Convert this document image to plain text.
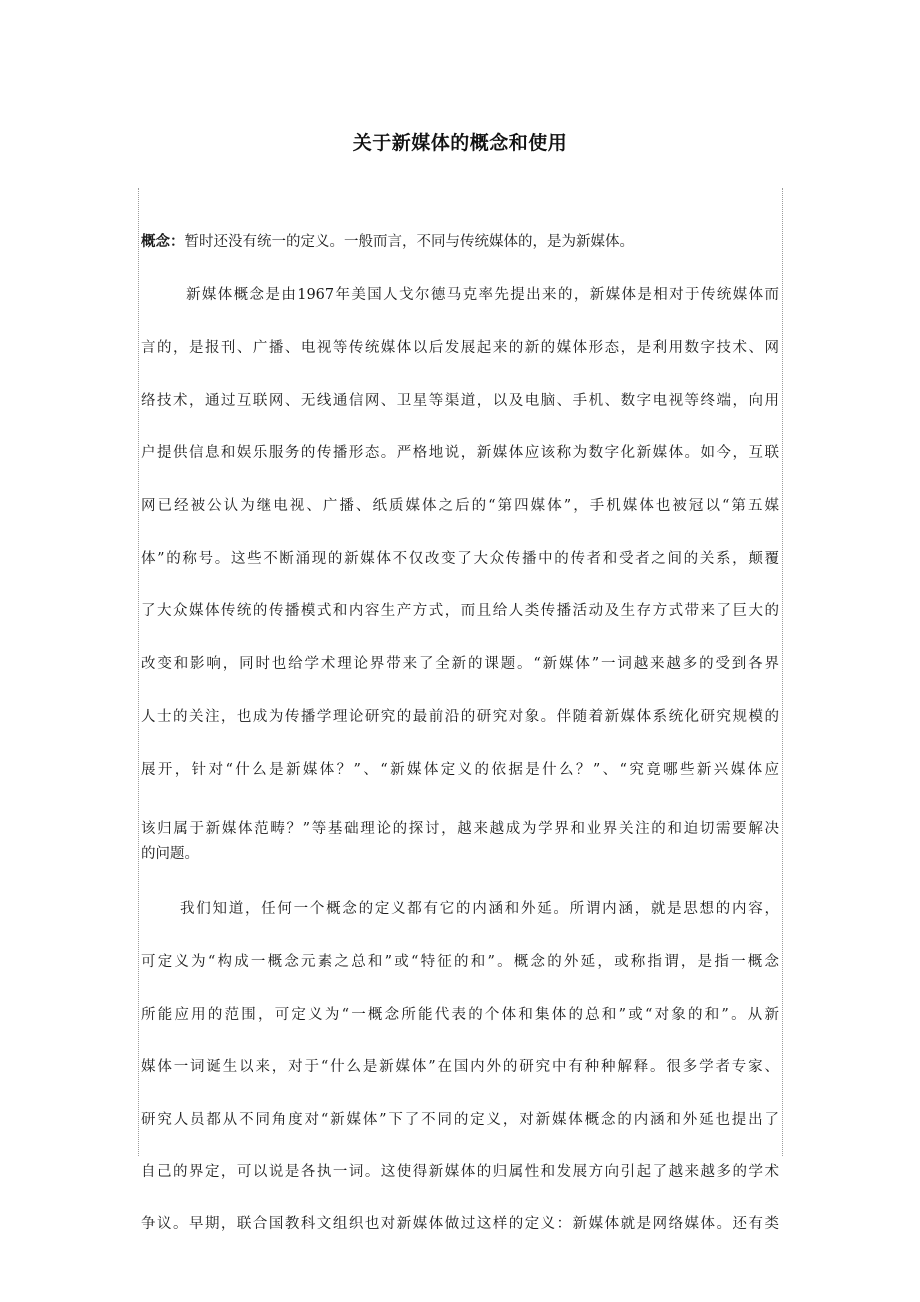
关于新媒体的概念和使用
概念：暂时还没有统一的定义。一般而言，不同与传统媒体的，是为新媒体。
新媒体概念是由1967年美国人戈尔德马克率先提出来的，新媒体是相对于传统媒体而
言的，是报刊、广播、电视等传统媒体以后发展起来的新的媒体形态，是利用数字技术、网
络技术，通过互联网、无线通信网、卫星等渠道，以及电脑、手机、数字电视等终端，向用
户提供信息和娱乐服务的传播形态。严格地说，新媒体应该称为数字化新媒体。如今，互联
网已经被公认为继电视、广播、纸质媒体之后的“第四媒体”，手机媒体也被冠以“第五媒
体”的称号。这些不断涌现的新媒体不仅改变了大众传播中的传者和受者之间的关系，颠覆
了大众媒体传统的传播模式和内容生产方式，而且给人类传播活动及生存方式带来了巨大的
改变和影响，同时也给学术理论界带来了全新的课题。“新媒体”一词越来越多的受到各界
人士的关注，也成为传播学理论研究的最前沿的研究对象。伴随着新媒体系统化研究规模的
展开，针对“什么是新媒体？”、“新媒体定义的依据是什么？”、“究竟哪些新兴媒体应
该归属于新媒体范畴？”等基础理论的探讨，越来越成为学界和业界关注的和迫切需要解决
的问题。
我们知道，任何一个概念的定义都有它的内涵和外延。所谓内涵，就是思想的内容，
可定义为“构成一概念元素之总和”或“特征的和”。概念的外延，或称指谓，是指一概念
所能应用的范围，可定义为“一概念所能代表的个体和集体的总和”或“对象的和”。从新
媒体一词诞生以来，对于“什么是新媒体”在国内外的研究中有种种解释。很多学者专家、
研究人员都从不同角度对“新媒体”下了不同的定义，对新媒体概念的内涵和外延也提出了
自己的界定，可以说是各执一词。这使得新媒体的归属性和发展方向引起了越来越多的学术
争议。早期，联合国教科文组织也对新媒体做过这样的定义：新媒体就是网络媒体。还有类
